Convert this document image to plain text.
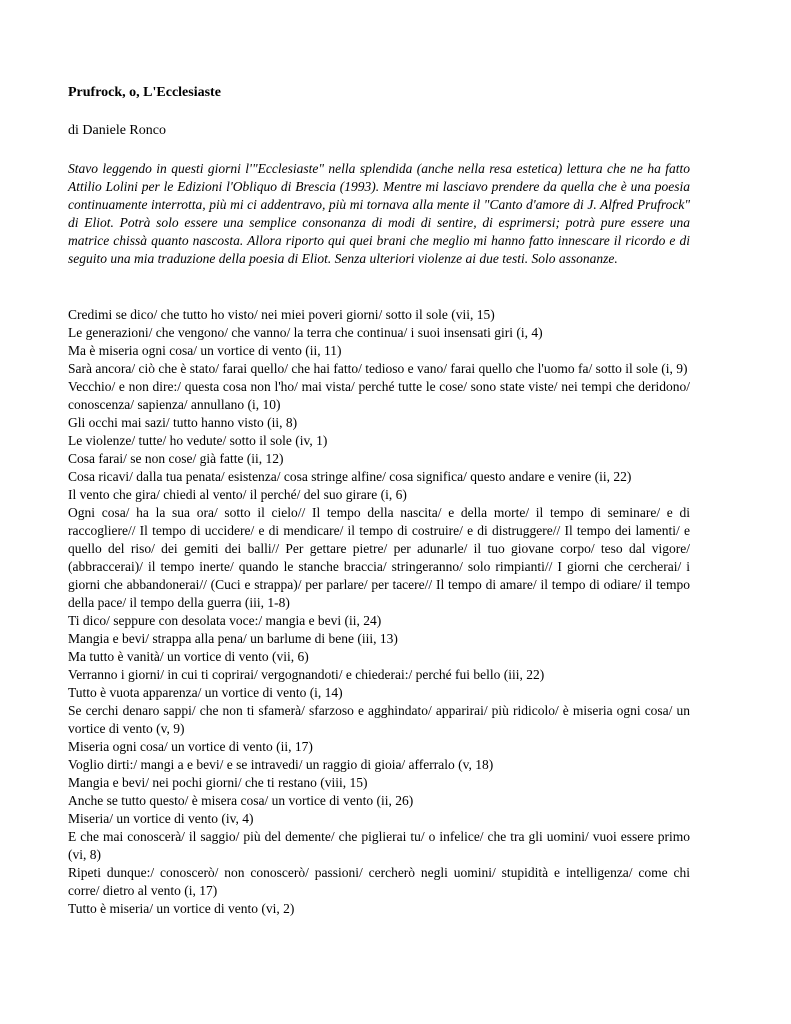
Prufrock, o, L'Ecclesiaste

di Daniele Ronco

Stavo leggendo in questi giorni l'"Ecclesiaste" nella splendida (anche nella resa estetica) lettura che ne ha fatto Attilio Lolini per le Edizioni l'Obliquo di Brescia (1993). Mentre mi lasciavo prendere da quella che è una poesia continuamente interrotta, più mi ci addentravo, più mi tornava alla mente il "Canto d'amore di J. Alfred Prufrock" di Eliot. Potrà solo essere una semplice consonanza di modi di sentire, di esprimersi; potrà pure essere una matrice chissà quanto nascosta. Allora riporto qui quei brani che meglio mi hanno fatto innescare il ricordo e di seguito una mia traduzione della poesia di Eliot. Senza ulteriori violenze ai due testi. Solo assonanze.

Credimi se dico/ che tutto ho visto/ nei miei poveri giorni/ sotto il sole (vii, 15)
Le generazioni/ che vengono/ che vanno/ la terra che continua/ i suoi insensati giri (i, 4)
Ma è miseria ogni cosa/ un vortice di vento (ii, 11)
Sarà ancora/ ciò che è stato/ farai quello/ che hai fatto/ tedioso e vano/ farai quello che l'uomo fa/ sotto il sole (i, 9)
Vecchio/ e non dire:/ questa cosa non l'ho/ mai vista/ perché tutte le cose/ sono state viste/ nei tempi che deridono/ conoscenza/ sapienza/ annullano (i, 10)
Gli occhi mai sazi/ tutto hanno visto (ii, 8)
Le violenze/ tutte/ ho vedute/ sotto il sole (iv, 1)
Cosa farai/ se non cose/ già fatte (ii, 12)
Cosa ricavi/ dalla tua penata/ esistenza/ cosa stringe alfine/ cosa significa/ questo andare e venire (ii, 22)
Il vento che gira/ chiedi al vento/ il perché/ del suo girare (i, 6)
Ogni cosa/ ha la sua ora/ sotto il cielo// Il tempo della nascita/ e della morte/ il tempo di seminare/ e di raccogliere// Il tempo di uccidere/ e di mendicare/ il tempo di costruire/ e di distruggere// Il tempo dei lamenti/ e quello del riso/ dei gemiti dei balli// Per gettare pietre/ per adunarle/ il tuo giovane corpo/ teso dal vigore/ (abbraccerai)/ il tempo inerte/ quando le stanche braccia/ stringeranno/ solo rimpianti// I giorni che cercherai/ i giorni che abbandonerai// (Cuci e strappa)/ per parlare/ per tacere// Il tempo di amare/ il tempo di odiare/ il tempo della pace/ il tempo della guerra (iii, 1-8)
Ti dico/ seppure con desolata voce:/ mangia e bevi (ii, 24)
Mangia e bevi/ strappa alla pena/ un barlume di bene (iii, 13)
Ma tutto è vanità/ un vortice di vento (vii, 6)
Verranno i giorni/ in cui ti coprirai/ vergognandoti/ e chiederai:/ perché fui bello (iii, 22)
Tutto è vuota apparenza/ un vortice di vento (i, 14)
Se cerchi denaro sappi/ che non ti sfamerà/ sfarzoso e agghindato/ apparirai/ più ridicolo/ è miseria ogni cosa/ un vortice di vento (v, 9)
Miseria ogni cosa/ un vortice di vento (ii, 17)
Voglio dirti:/ mangi a e bevi/ e se intravedi/ un raggio di gioia/ afferralo (v, 18)
Mangia e bevi/ nei pochi giorni/ che ti restano (viii, 15)
Anche se tutto questo/ è misera cosa/ un vortice di vento (ii, 26)
Miseria/ un vortice di vento (iv, 4)
E che mai conoscerà/ il saggio/ più del demente/ che piglierai tu/ o infelice/ che tra gli uomini/ vuoi essere primo (vi, 8)
Ripeti dunque:/ conoscerò/ non conoscerò/ passioni/ cercherò negli uomini/ stupidità e intelligenza/ come chi corre/ dietro al vento (i, 17)
Tutto è miseria/ un vortice di vento (vi, 2)
